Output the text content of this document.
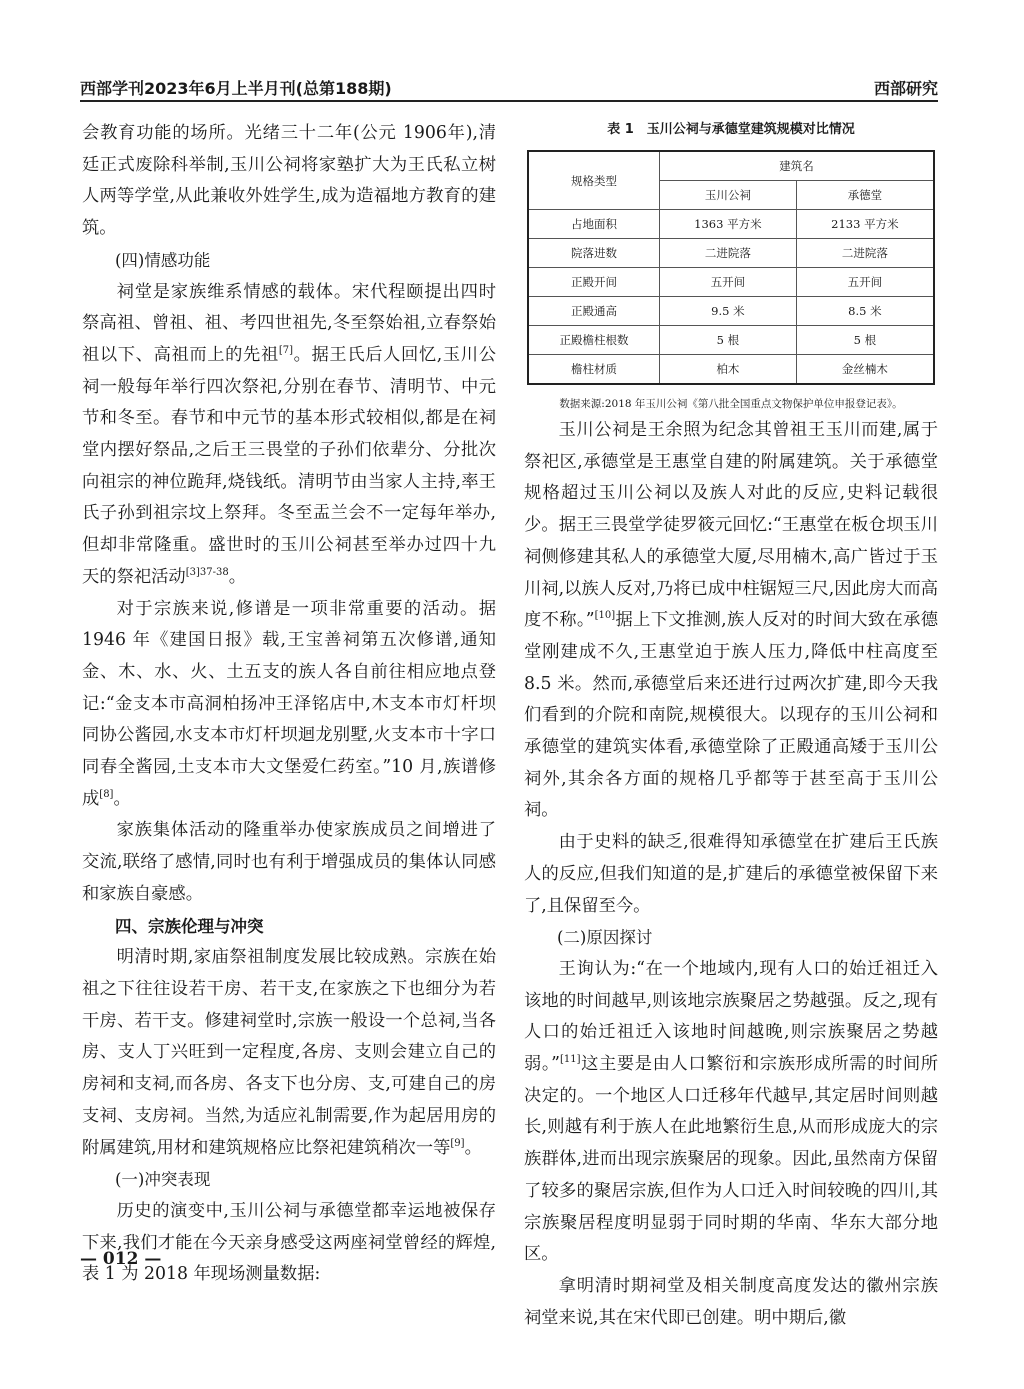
西部学刊2023年6月上半月刊(总第188期)	西部研究

会教育功能的场所。光绪三十二年(公元 1906年),清廷正式废除科举制,玉川公祠将家塾扩大为王氏私立树人两等学堂,从此兼收外姓学生,成为造福地方教育的建筑。

(四)情感功能

祠堂是家族维系情感的载体。宋代程颐提出四时祭高祖、曾祖、祖、考四世祖先,冬至祭始祖,立春祭始祖以下、高祖而上的先祖[7]。据王氏后人回忆,玉川公祠一般每年举行四次祭祀,分别在春节、清明节、中元节和冬至。春节和中元节的基本形式较相似,都是在祠堂内摆好祭品,之后王三畏堂的子孙们依辈分、分批次向祖宗的神位跪拜,烧钱纸。清明节由当家人主持,率王氏子孙到祖宗坟上祭拜。冬至盂兰会不一定每年举办,但却非常隆重。盛世时的玉川公祠甚至举办过四十九天的祭祀活动$^{[3]37-38}$。

对于宗族来说,修谱是一项非常重要的活动。据 1946 年《建国日报》载,王宝善祠第五次修谱,通知金、木、水、火、土五支的族人各自前往相应地点登记:“金支本市高洞柏扬冲王泽铭店中,木支本市灯杆坝同协公酱园,水支本市灯杆坝迴龙别墅,火支本市十字口同春全酱园,土支本市大文堡爱仁药室。”10 月,族谱修成[8]。

家族集体活动的隆重举办使家族成员之间增进了交流,联络了感情,同时也有利于增强成员的集体认同感和家族自豪感。

四、宗族伦理与冲突

明清时期,家庙祭祖制度发展比较成熟。宗族在始祖之下往往设若干房、若干支,在家族之下也细分为若干房、若干支。修建祠堂时,宗族一般设一个总祠,当各房、支人丁兴旺到一定程度,各房、支则会建立自己的房祠和支祠,而各房、各支下也分房、支,可建自己的房支祠、支房祠。当然,为适应礼制需要,作为起居用房的附属建筑,用材和建筑规格应比祭祀建筑稍次一等[9]。

(一)冲突表现

历史的演变中,玉川公祠与承德堂都幸运地被保存下来,我们才能在今天亲身感受这两座祠堂曾经的辉煌,表 1 为 2018 年现场测量数据:

表 1　玉川公祠与承德堂建筑规模对比情况
规格类型	建筑名	
	玉川公祠	承德堂
占地面积	1363 平方米	2133 平方米
院落进数	二进院落	二进院落
正殿开间	五开间	五开间
正殿通高	9.5 米	8.5 米
正殿檐柱根数	5 根	5 根
檐柱材质	柏木	金丝楠木
数据来源:2018 年玉川公祠《第八批全国重点文物保护单位申报登记表》。

玉川公祠是王余照为纪念其曾祖王玉川而建,属于祭祀区,承德堂是王惠堂自建的附属建筑。关于承德堂规格超过玉川公祠以及族人对此的反应,史料记载很少。据王三畏堂学徒罗筱元回忆:“王惠堂在板仓坝玉川祠侧修建其私人的承德堂大厦,尽用楠木,高广皆过于玉川祠,以族人反对,乃将已成中柱锯短三尺,因此房大而高度不称。”[10]据上下文推测,族人反对的时间大致在承德堂刚建成不久,王惠堂迫于族人压力,降低中柱高度至 8.5 米。然而,承德堂后来还进行过两次扩建,即今天我们看到的介院和南院,规模很大。以现存的玉川公祠和承德堂的建筑实体看,承德堂除了正殿通高矮于玉川公祠外,其余各方面的规格几乎都等于甚至高于玉川公祠。

由于史料的缺乏,很难得知承德堂在扩建后王氏族人的反应,但我们知道的是,扩建后的承德堂被保留下来了,且保留至今。

(二)原因探讨

王询认为:“在一个地域内,现有人口的始迁祖迁入该地的时间越早,则该地宗族聚居之势越强。反之,现有人口的始迁祖迁入该地时间越晚,则宗族聚居之势越弱。”[11]这主要是由人口繁衍和宗族形成所需的时间所决定的。一个地区人口迁移年代越早,其定居时间则越长,则越有利于族人在此地繁衍生息,从而形成庞大的宗族群体,进而出现宗族聚居的现象。因此,虽然南方保留了较多的聚居宗族,但作为人口迁入时间较晚的四川,其宗族聚居程度明显弱于同时期的华南、华东大部分地区。

拿明清时期祠堂及相关制度高度发达的徽州宗族祠堂来说,其在宋代即已创建。明中期后,徽

— 012 —
